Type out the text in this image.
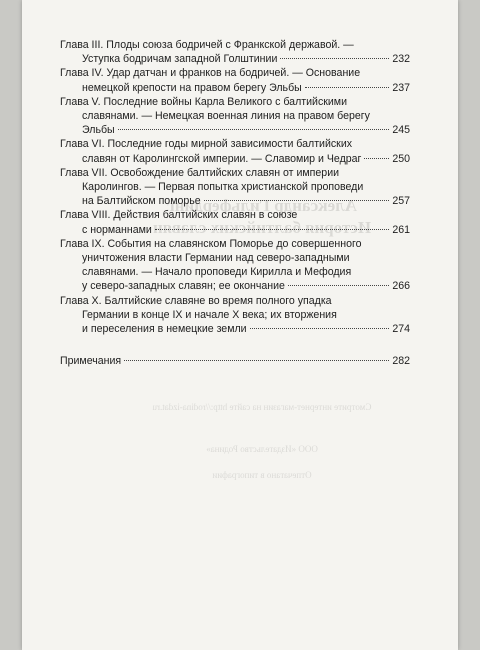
Глава III. Плоды союза бодричей с Франкской державой. —
Уступка бодричам западной Голштинии	232
Глава IV. Удар датчан и франков на бодричей. — Основание
немецкой крепости на правом берегу Эльбы	237
Глава V. Последние войны Карла Великого с балтийскими
славянами. — Немецкая военная линия на правом берегу
Эльбы	245
Глава VI. Последние годы мирной зависимости балтийских
славян от Каролингской империи. — Славомир и Чедраг	250
Глава VII. Освобождение балтийских славян от империи
Каролингов. — Первая попытка христианской проповеди
на Балтийском поморье	257
Глава VIII. Действия балтийских славян в союзе
с норманнами	261
Глава IX. События на славянском Поморье до совершенного
уничтожения власти Германии над северо-западными
славянами. — Начало проповеди Кирилла и Мефодия
у северо-западных славян; ее окончание	266
Глава X. Балтийские славяне во время полного упадка
Германии в конце IX и начале X века; их вторжения
и переселения в немецкие земли	274
Примечания	282
Александр Гильфердинг
История балтийских славян
Смотрите интернет-магазин на сайте http://rodina-izdat.ru
ООО «Издательство Родина»
Отпечатано в типографии
